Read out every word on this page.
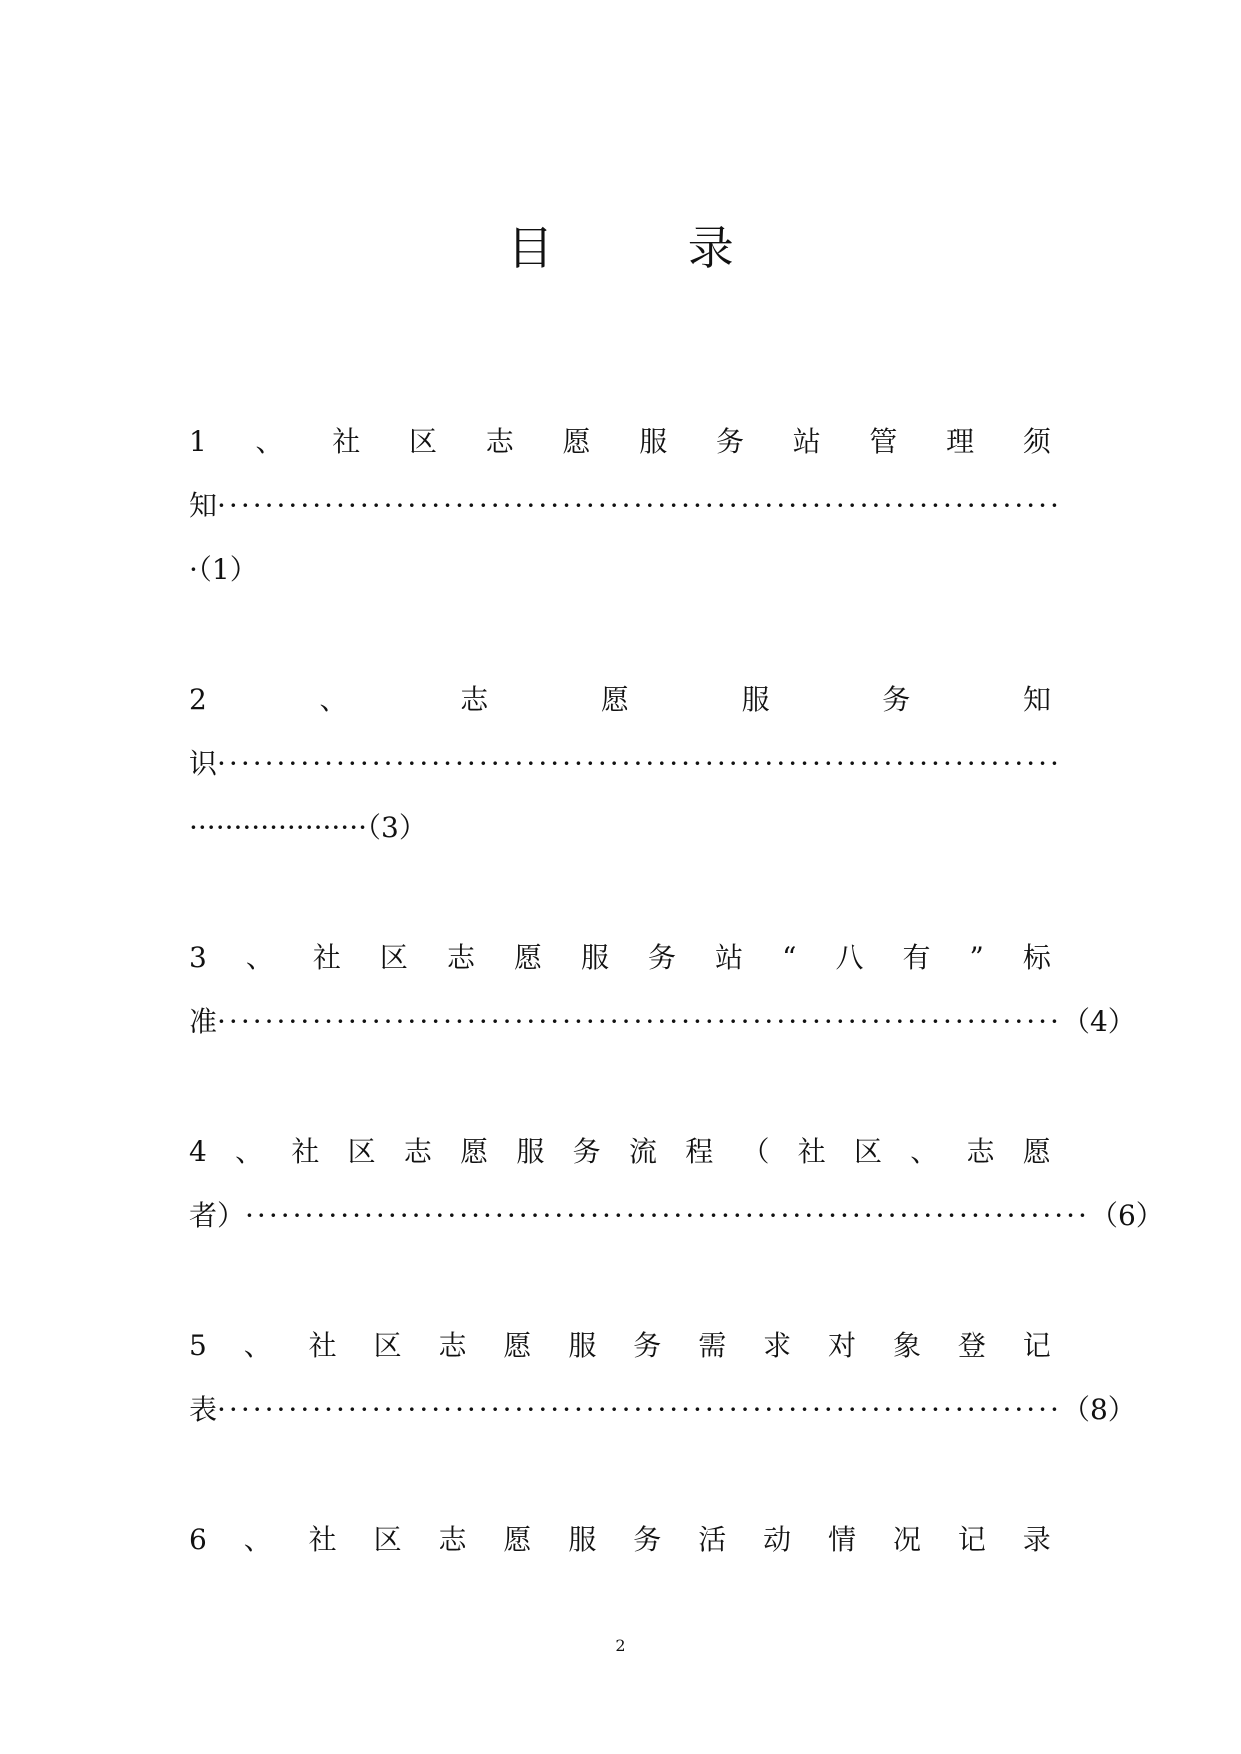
目 录
1 、 社 区 志 愿 服 务 站 管 理 须
知 ·······································································
·（1）
2	、	志	愿	服	务	知
识 ·······································································
····················（3）
3 、 社 区 志 愿 服 务 站 “ 八 有 ” 标
准 ······································································· （4）
4 、 社 区 志 愿 服 务 流 程 （ 社 区 、 志 愿
者） ······································································· （6）
5 、 社 区 志 愿 服 务 需 求 对 象 登 记
表 ······································································· （8）
6 、 社 区 志 愿 服 务 活 动 情 况 记 录
2
